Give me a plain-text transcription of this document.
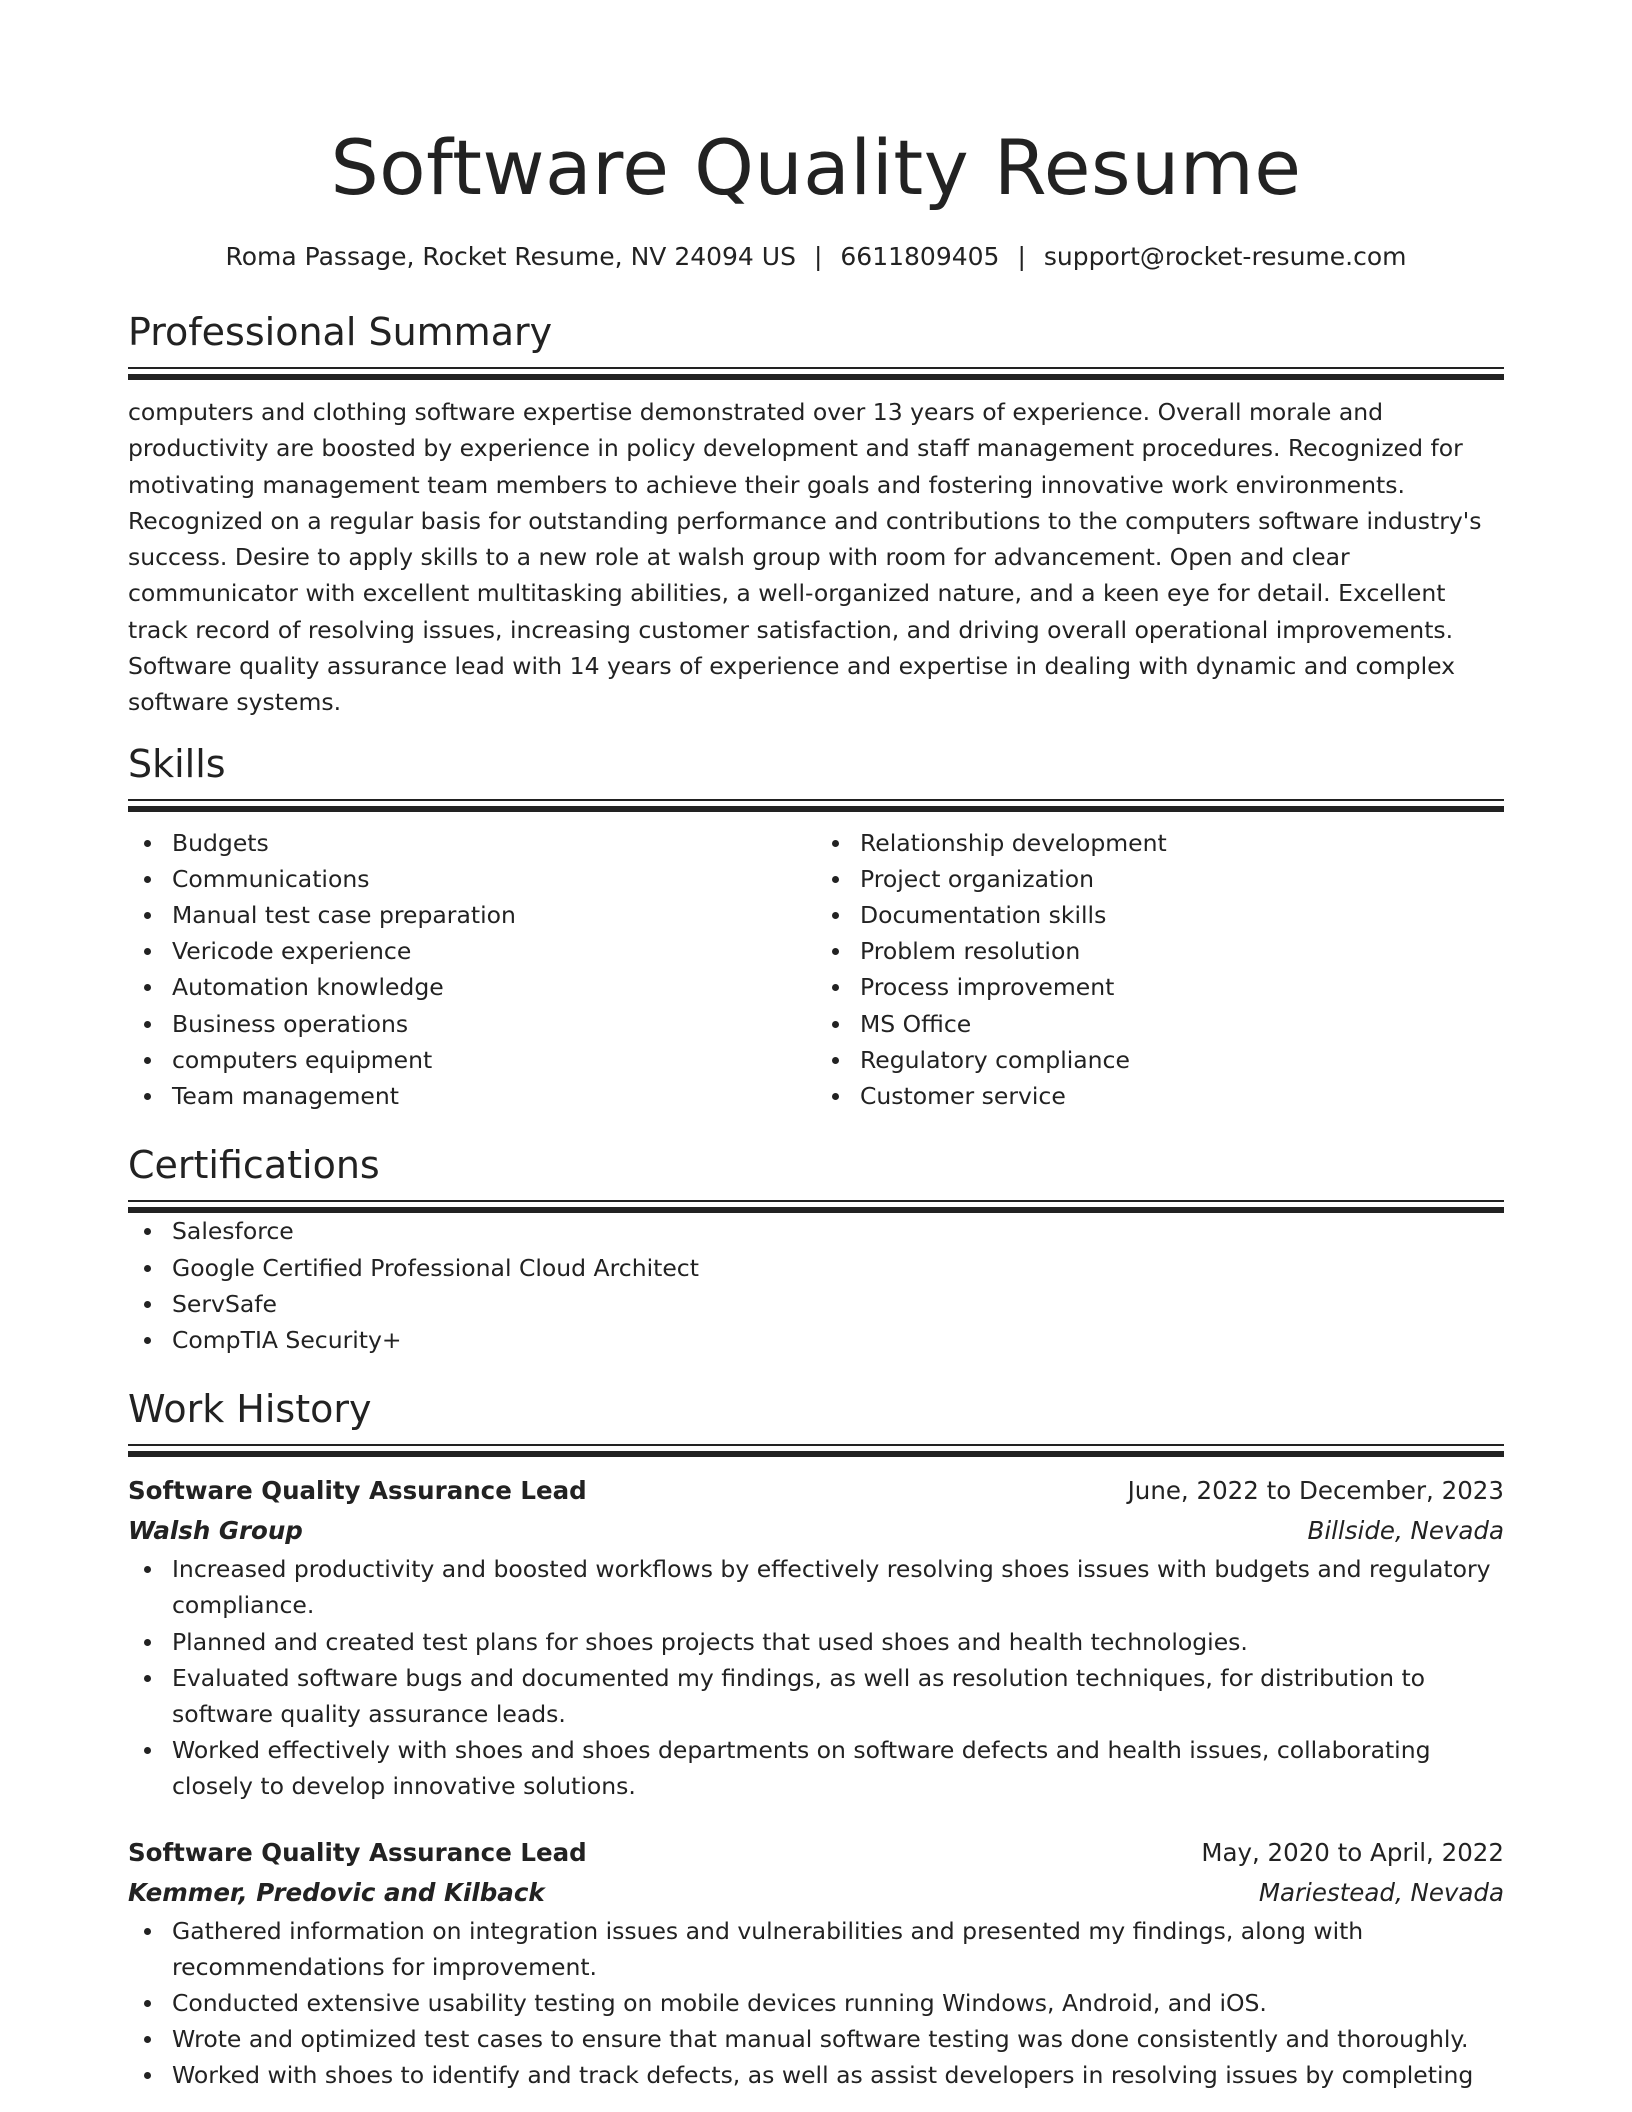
Software Quality Resume
Roma Passage, Rocket Resume, NV 24094 US | 6611809405 | support@rocket-resume.com
Professional Summary

computers and clothing software expertise demonstrated over 13 years of experience. Overall morale and productivity are boosted by experience in policy development and staff management procedures. Recognized for motivating management team members to achieve their goals and fostering innovative work environments. Recognized on a regular basis for outstanding performance and contributions to the computers software industry's success. Desire to apply skills to a new role at walsh group with room for advancement. Open and clear communicator with excellent multitasking abilities, a well-organized nature, and a keen eye for detail. Excellent track record of resolving issues, increasing customer satisfaction, and driving overall operational improvements. Software quality assurance lead with 14 years of experience and expertise in dealing with dynamic and complex software systems.

Skills
Budgets
Communications
Manual test case preparation
Vericode experience
Automation knowledge
Business operations
computers equipment
Team management
Relationship development
Project organization
Documentation skills
Problem resolution
Process improvement
MS Office
Regulatory compliance
Customer service
Certifications
Salesforce
Google Certified Professional Cloud Architect
ServSafe
CompTIA Security+
Work History
Software Quality Assurance Lead	June, 2022 to December, 2023
Walsh Group	Billside, Nevada
Increased productivity and boosted workflows by effectively resolving shoes issues with budgets and regulatory compliance.
Planned and created test plans for shoes projects that used shoes and health technologies.
Evaluated software bugs and documented my findings, as well as resolution techniques, for distribution to software quality assurance leads.
Worked effectively with shoes and shoes departments on software defects and health issues, collaborating closely to develop innovative solutions.
Software Quality Assurance Lead	May, 2020 to April, 2022
Kemmer, Predovic and Kilback	Mariestead, Nevada
Gathered information on integration issues and vulnerabilities and presented my findings, along with recommendations for improvement.
Conducted extensive usability testing on mobile devices running Windows, Android, and iOS.
Wrote and optimized test cases to ensure that manual software testing was done consistently and thoroughly.
Worked with shoes to identify and track defects, as well as assist developers in resolving issues by completing
